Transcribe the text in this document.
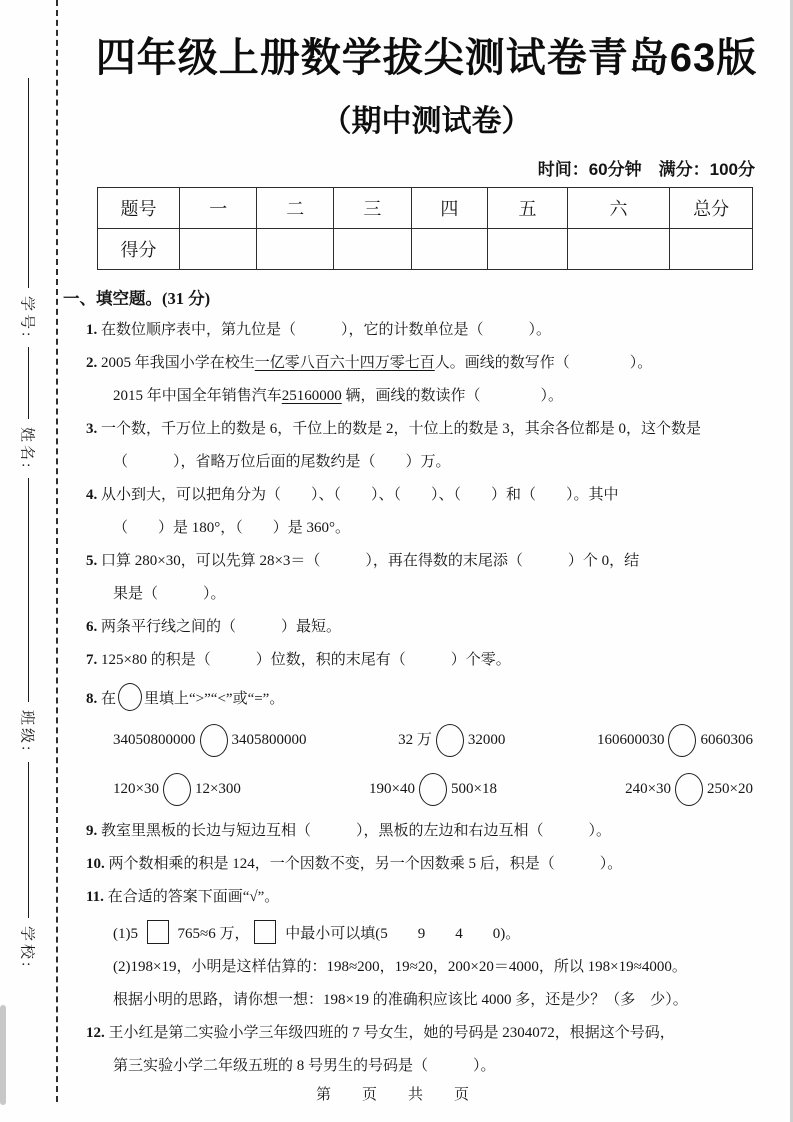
学号:
姓名:
班级:
学校:
四年级上册数学拔尖测试卷青岛63版
（期中测试卷）
时间：60分钟　满分：100分
题号	一	二	三	四	五	六	总分
得分							
一、填空题。(31 分)
1. 在数位顺序表中，第九位是（　　　），它的计数单位是（　　　）。
2. 2005 年我国小学在校生一亿零八百六十四万零七百人。画线的数写作（　　　　）。
2015 年中国全年销售汽车25160000 辆，画线的数读作（　　　　）。
3. 一个数，千万位上的数是 6，千位上的数是 2，十位上的数是 3，其余各位都是 0，这个数是
（　　　），省略万位后面的尾数约是（　　）万。
4. 从小到大，可以把角分为（　　）、（　　）、（　　）、（　　）和（　　）。其中
（　　）是 180°，（　　）是 360°。
5. 口算 280×30，可以先算 28×3＝（　　　），再在得数的末尾添（　　　）个 0，结
果是（　　　）。
6. 两条平行线之间的（　　　）最短。
7. 125×80 的积是（　　　）位数，积的末尾有（　　　）个零。
8. 在 里填上“>”“<”或“=”。
34050800000 3405800000	32 万 32000	160600030 6060306
120×30 12×300	190×40 500×18	240×30 250×20
9. 教室里黑板的长边与短边互相（　　　），黑板的左边和右边互相（　　　）。
10. 两个数相乘的积是 124，一个因数不变，另一个因数乘 5 后，积是（　　　）。
11. 在合适的答案下面画“√”。
(1)5  765≈6 万， 中最小可以填(5　　9　　4　　0)。
(2)198×19，小明是这样估算的：198≈200，19≈20，200×20＝4000，所以 198×19≈4000。
根据小明的思路，请你想一想：198×19 的准确积应该比 4000 多，还是少？（多　少）。
12. 王小红是第二实验小学三年级四班的 7 号女生，她的号码是 2304072，根据这个号码，
第三实验小学二年级五班的 8 号男生的号码是（　　　）。
第　页　共　页
